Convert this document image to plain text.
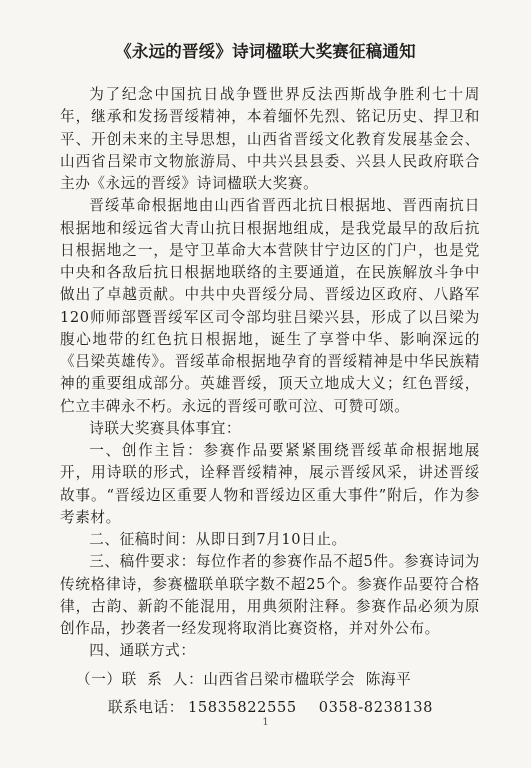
《永远的晋绥》诗词楹联大奖赛征稿通知

为了纪念中国抗日战争暨世界反法西斯战争胜利七十周年，继承和发扬晋绥精神，本着缅怀先烈、铭记历史、捍卫和平、开创未来的主导思想，山西省晋绥文化教育发展基金会、山西省吕梁市文物旅游局、中共兴县县委、兴县人民政府联合主办《永远的晋绥》诗词楹联大奖赛。

晋绥革命根据地由山西省晋西北抗日根据地、晋西南抗日根据地和绥远省大青山抗日根据地组成，是我党最早的敌后抗日根据地之一，是守卫革命大本营陕甘宁边区的门户，也是党中央和各敌后抗日根据地联络的主要通道，在民族解放斗争中做出了卓越贡献。中共中央晋绥分局、晋绥边区政府、八路军120师师部暨晋绥军区司令部均驻吕梁兴县，形成了以吕梁为腹心地带的红色抗日根据地，诞生了享誉中华、影响深远的《吕梁英雄传》。晋绥革命根据地孕育的晋绥精神是中华民族精神的重要组成部分。英雄晋绥，顶天立地成大义；红色晋绥，伫立丰碑永不朽。永远的晋绥可歌可泣、可赞可颂。

诗联大奖赛具体事宜：

一、创作主旨：参赛作品要紧紧围绕晋绥革命根据地展开，用诗联的形式，诠释晋绥精神，展示晋绥风采，讲述晋绥故事。“晋绥边区重要人物和晋绥边区重大事件”附后，作为参考素材。

二、征稿时间：从即日到7月10日止。

三、稿件要求：每位作者的参赛作品不超5件。参赛诗词为传统格律诗，参赛楹联单联字数不超25个。参赛作品要符合格律，古韵、新韵不能混用，用典须附注释。参赛作品必须为原创作品，抄袭者一经发现将取消比赛资格，并对外公布。

四、通联方式：

（一）联  系  人：山西省吕梁市楹联学会  陈海平

联系电话： 15835822555 0358-8238138

1
